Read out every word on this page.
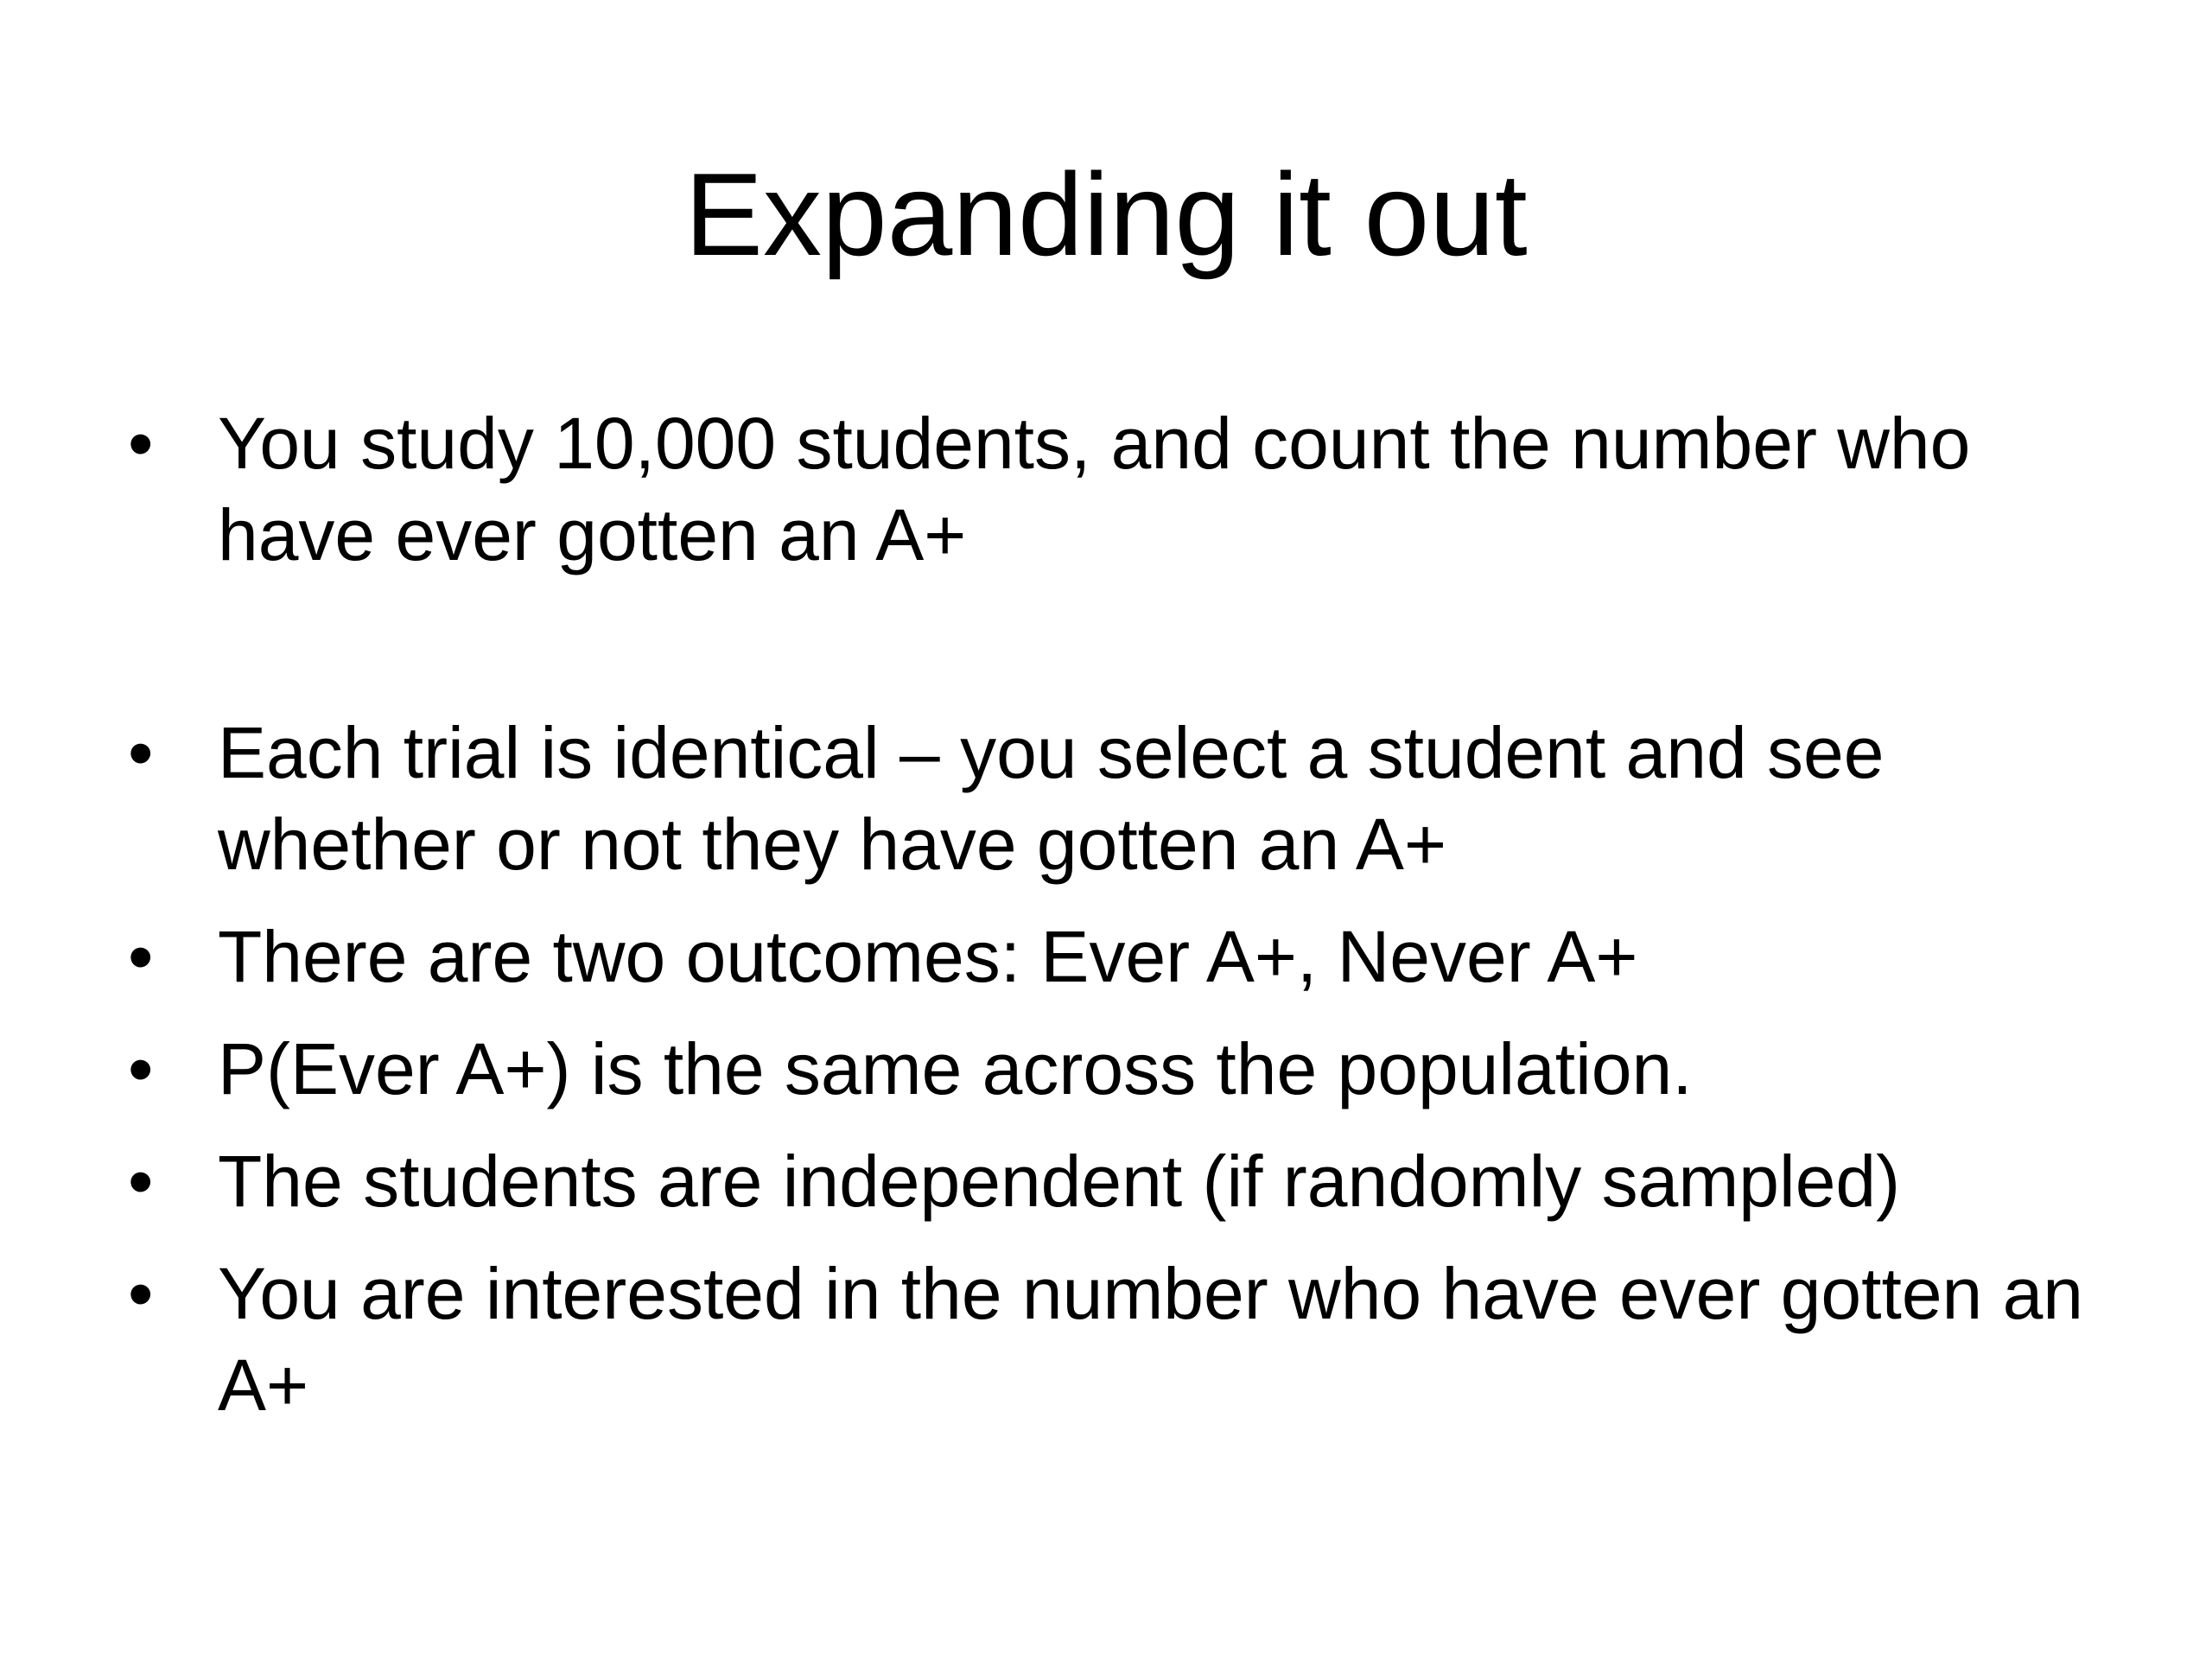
Expanding it out
• You study 10,000 students, and count the number who have ever gotten an A+
• Each trial is identical – you select a student and see whether or not they have gotten an A+
• There are two outcomes: Ever A+, Never A+
• P(Ever A+) is the same across the population.
• The students are independent (if randomly sampled)
• You are interested in the number who have ever gotten an A+
